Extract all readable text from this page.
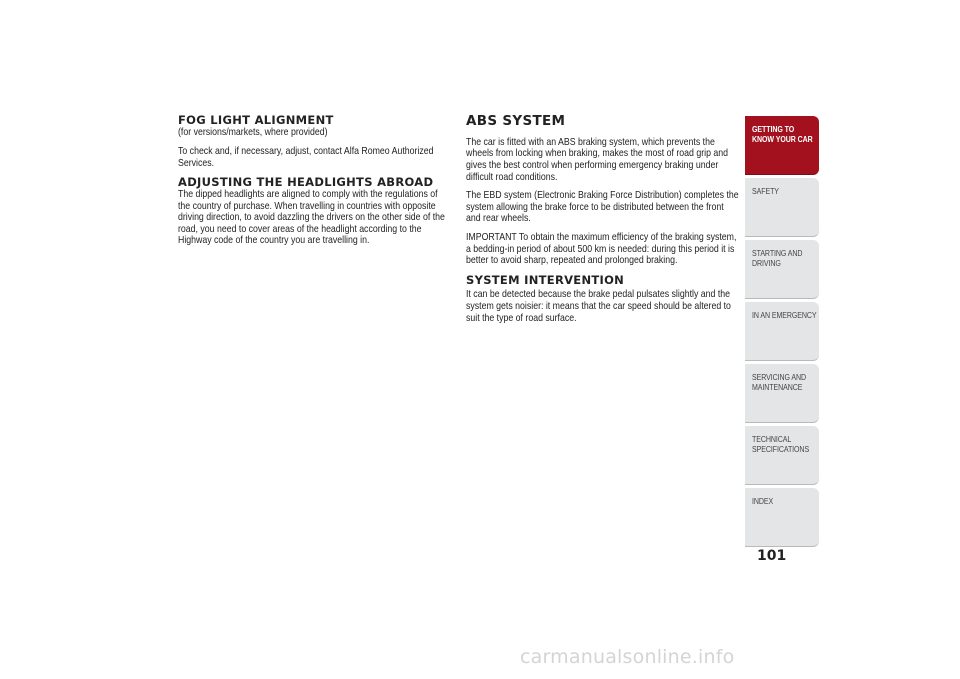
FOG LIGHT ALIGNMENT

(for versions/markets, where provided)

To check and, if necessary, adjust, contact Alfa Romeo Authorized Services.

ADJUSTING THE HEADLIGHTS ABROAD

The dipped headlights are aligned to comply with the regulations of the country of purchase. When travelling in countries with opposite driving direction, to avoid dazzling the drivers on the other side of the road, you need to cover areas of the headlight according to the Highway code of the country you are travelling in.

ABS SYSTEM

The car is fitted with an ABS braking system, which prevents the wheels from locking when braking, makes the most of road grip and gives the best control when performing emergency braking under difficult road conditions.

The EBD system (Electronic Braking Force Distribution) completes the system allowing the brake force to be distributed between the front and rear wheels.

IMPORTANT To obtain the maximum efficiency of the braking system, a bedding-in period of about 500 km is needed: during this period it is better to avoid sharp, repeated and prolonged braking.

SYSTEM INTERVENTION

It can be detected because the brake pedal pulsates slightly and the system gets noisier: it means that the car speed should be altered to suit the type of road surface.

GETTING TO KNOW YOUR CAR
SAFETY
STARTING AND DRIVING
IN AN EMERGENCY
SERVICING AND MAINTENANCE
TECHNICAL SPECIFICATIONS
INDEX
101
carmanualsonline.info
